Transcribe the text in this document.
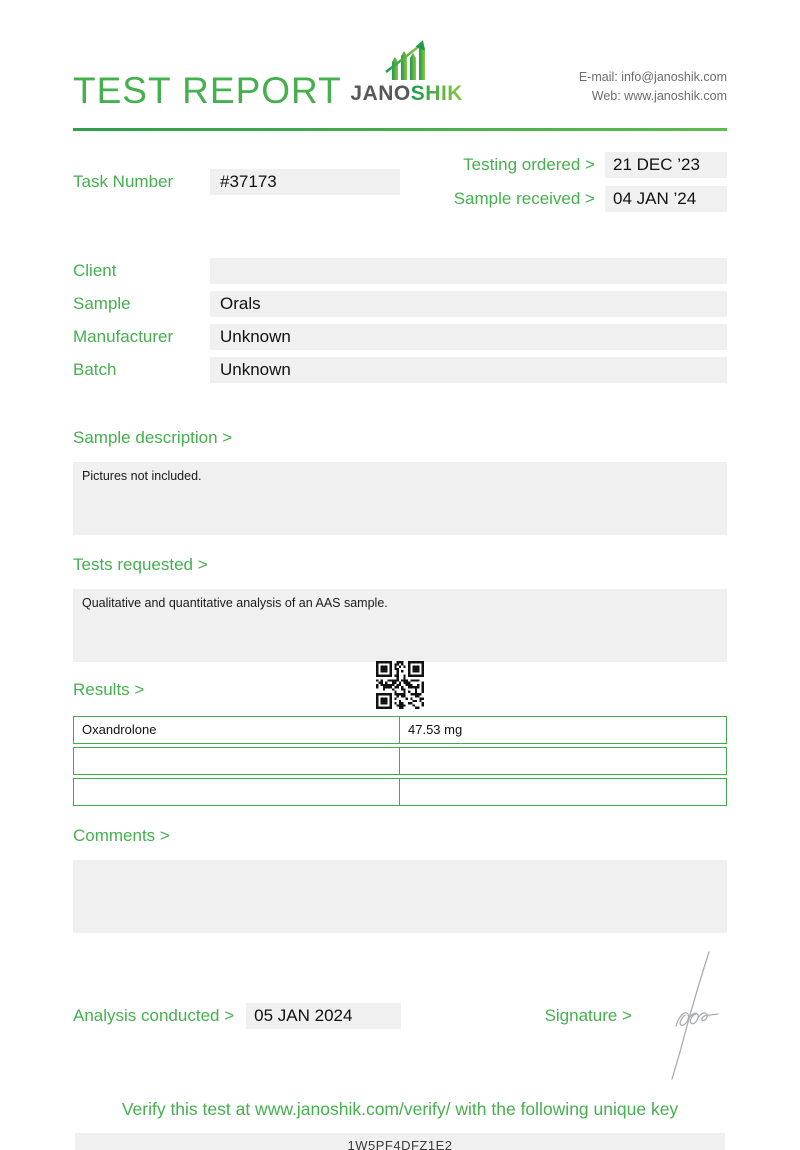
TEST REPORT JANOSHIK
E-mail: info@janoshik.com
Web: www.janoshik.com
Task Number	#37173
Testing ordered >	21 DEC ’23
Sample received >	04 JAN ’24
Client
Sample	Orals
Manufacturer	Unknown
Batch	Unknown
Sample description >
Pictures not included.
Tests requested >
Qualitative and quantitative analysis of an AAS sample.
Results >
Oxandrolone	47.53 mg
Comments >
Analysis conducted >	05 JAN 2024	Signature >
Verify this test at www.janoshik.com/verify/ with the following unique key
1W5PF4DFZ1E2
